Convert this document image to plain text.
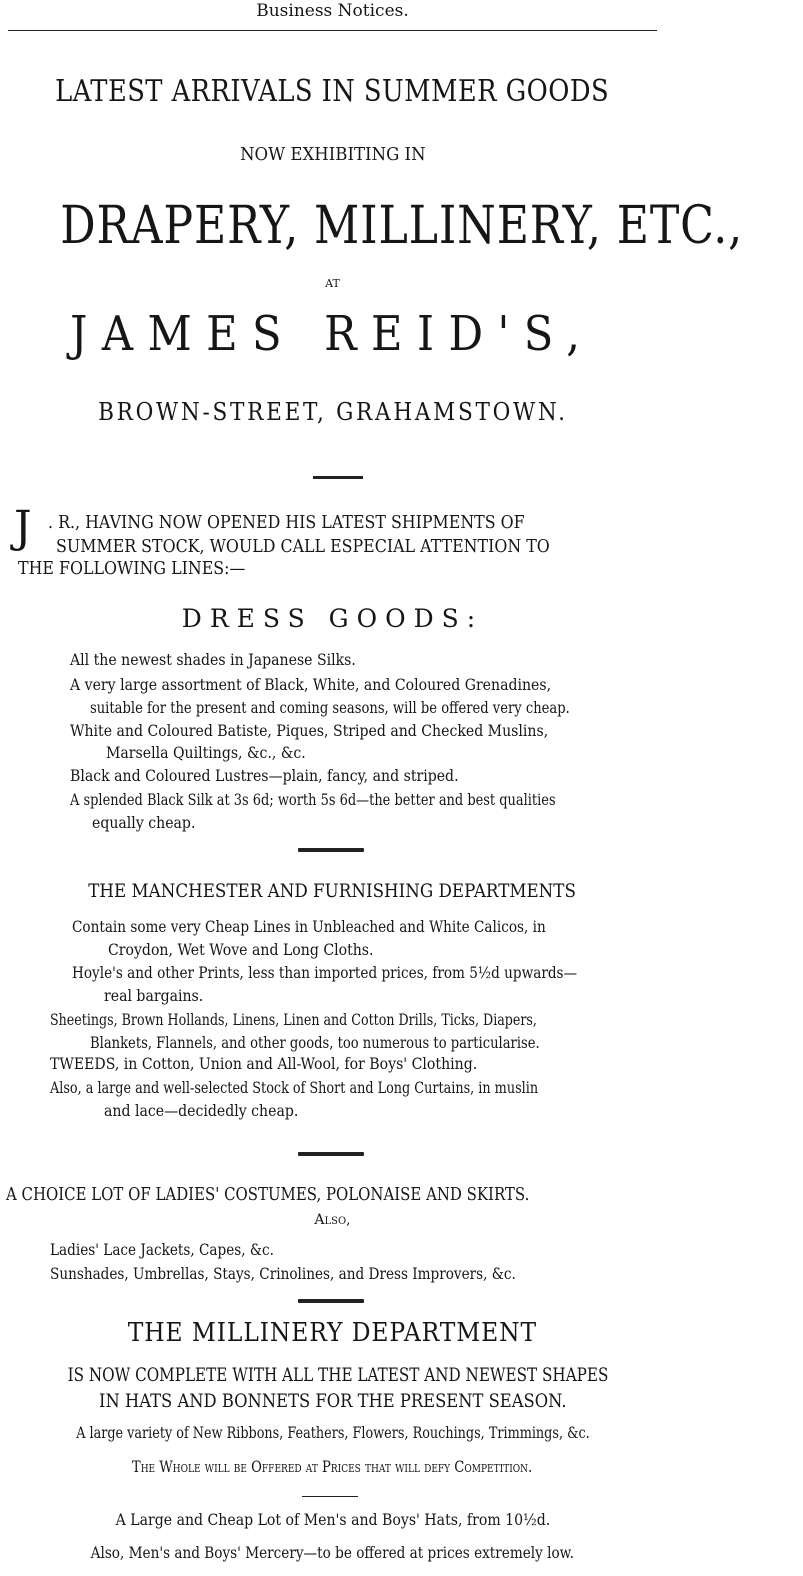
Business Notices.
LATEST ARRIVALS IN SUMMER GOODS
NOW EXHIBITING IN
DRAPERY, MILLINERY, ETC.,
AT
JAMES REID'S,
BROWN-STREET, GRAHAMSTOWN.
J . R., HAVING NOW OPENED HIS LATEST SHIPMENTS OF
SUMMER STOCK, WOULD CALL ESPECIAL ATTENTION TO
THE FOLLOWING LINES:—
DRESS GOODS:
All the newest shades in Japanese Silks.
A very large assortment of Black, White, and Coloured Grenadines,
suitable for the present and coming seasons, will be offered very cheap.
White and Coloured Batiste, Piques, Striped and Checked Muslins,
Marsella Quiltings, &c., &c.
Black and Coloured Lustres—plain, fancy, and striped.
A splended Black Silk at 3s 6d; worth 5s 6d—the better and best qualities
equally cheap.
THE MANCHESTER AND FURNISHING DEPARTMENTS
Contain some very Cheap Lines in Unbleached and White Calicos, in
Croydon, Wet Wove and Long Cloths.
Hoyle's and other Prints, less than imported prices, from 5½d upwards—
real bargains.
Sheetings, Brown Hollands, Linens, Linen and Cotton Drills, Ticks, Diapers,
Blankets, Flannels, and other goods, too numerous to particularise.
TWEEDS, in Cotton, Union and All-Wool, for Boys' Clothing.
Also, a large and well-selected Stock of Short and Long Curtains, in muslin
and lace—decidedly cheap.
A CHOICE LOT OF LADIES' COSTUMES, POLONAISE AND SKIRTS.
Also,
Ladies' Lace Jackets, Capes, &c.
Sunshades, Umbrellas, Stays, Crinolines, and Dress Improvers, &c.
THE MILLINERY DEPARTMENT
IS NOW COMPLETE WITH ALL THE LATEST AND NEWEST SHAPES
IN HATS AND BONNETS FOR THE PRESENT SEASON.
A large variety of New Ribbons, Feathers, Flowers, Rouchings, Trimmings, &c.
The Whole will be Offered at Prices that will defy Competition.
A Large and Cheap Lot of Men's and Boys' Hats, from 10½d.
Also, Men's and Boys' Mercery—to be offered at prices extremely low.
